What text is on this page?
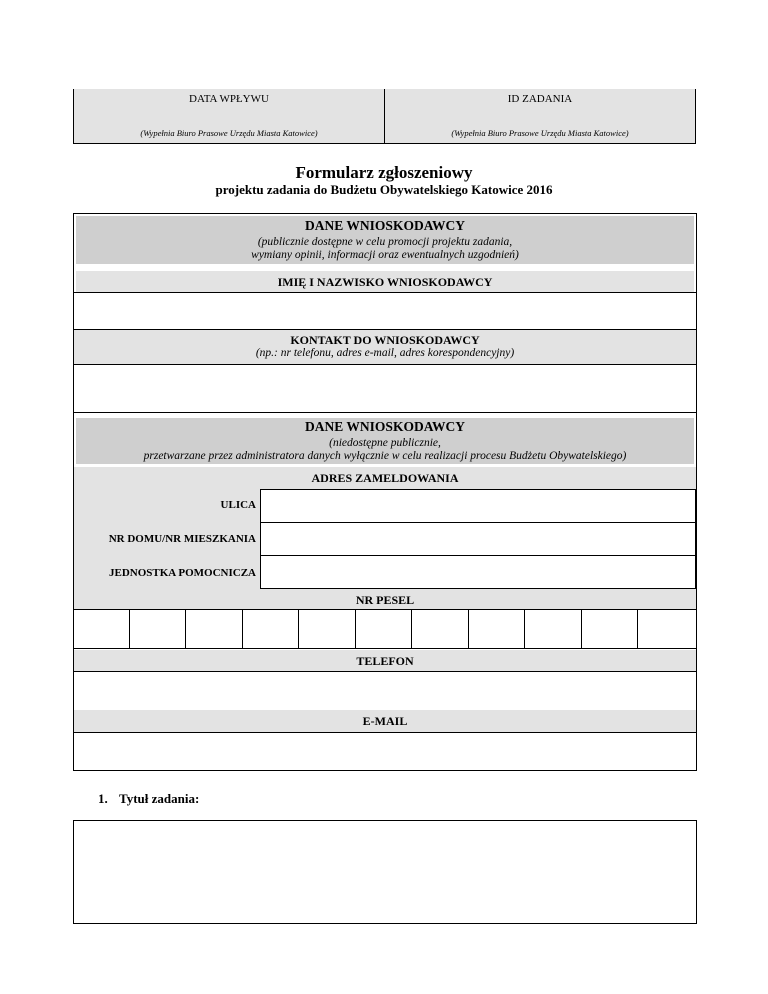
DATA WPŁYWU
(Wypełnia Biuro Prasowe Urzędu Miasta Katowice)
ID ZADANIA
(Wypełnia Biuro Prasowe Urzędu Miasta Katowice)
Formularz zgłoszeniowy
projektu zadania do Budżetu Obywatelskiego Katowice 2016
DANE WNIOSKODAWCY
(publicznie dostępne w celu promocji projektu zadania,
wymiany opinii, informacji oraz ewentualnych uzgodnień)
IMIĘ I NAZWISKO WNIOSKODAWCY
KONTAKT DO WNIOSKODAWCY
(np.: nr telefonu, adres e-mail, adres korespondencyjny)
DANE WNIOSKODAWCY
(niedostępne publicznie,
przetwarzane przez administratora danych wyłącznie w celu realizacji procesu Budżetu Obywatelskiego)
ADRES ZAMELDOWANIA
ULICA
NR DOMU/NR MIESZKANIA
JEDNOSTKA POMOCNICZA
NR PESEL
TELEFON
E-MAIL
1. Tytuł zadania:
